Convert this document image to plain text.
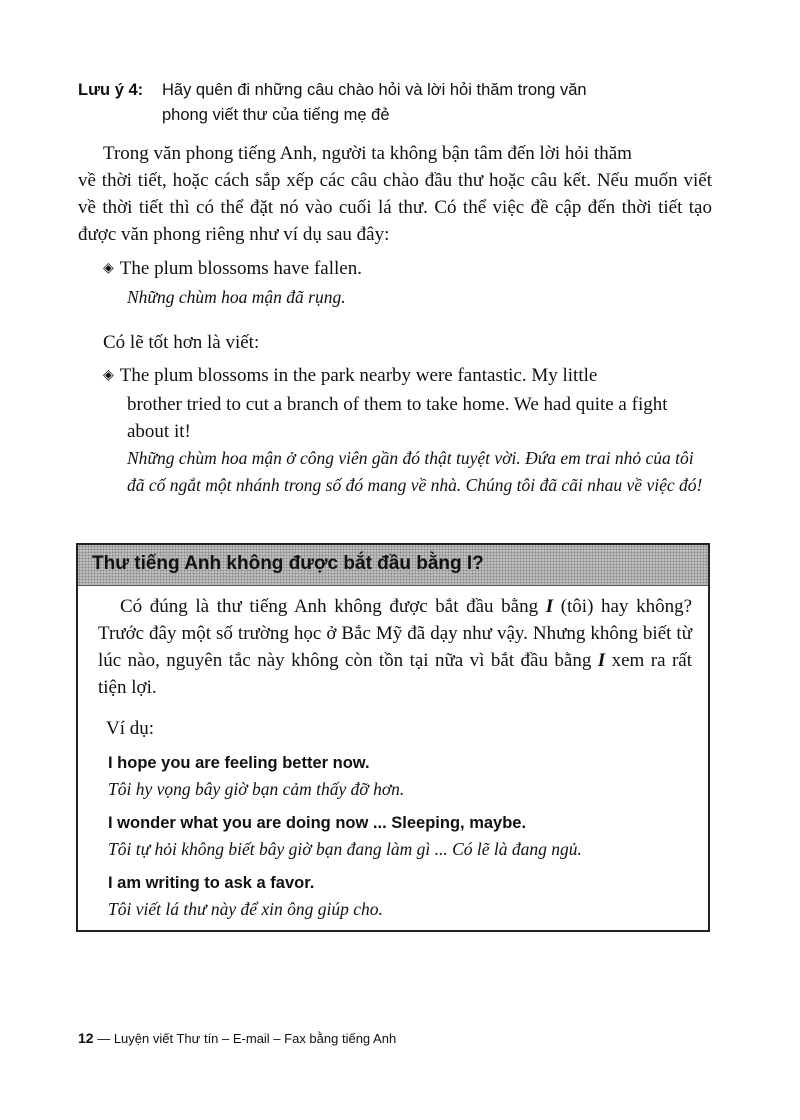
Lưu ý 4: Hãy quên đi những câu chào hỏi và lời hỏi thăm trong văn
phong viết thư của tiếng mẹ đẻ
Trong văn phong tiếng Anh, người ta không bận tâm đến lời hỏi thăm
về thời tiết, hoặc cách sắp xếp các câu chào đầu thư hoặc câu kết. Nếu muốn viết về thời tiết thì có thể đặt nó vào cuối lá thư. Có thể việc đề cập đến thời tiết tạo được văn phong riêng như ví dụ sau đây:
◈ The plum blossoms have fallen.
Những chùm hoa mận đã rụng.
Có lẽ tốt hơn là viết:
◈ The plum blossoms in the park nearby were fantastic. My little
brother tried to cut a branch of them to take home. We had quite a fight about it!
Những chùm hoa mận ở công viên gần đó thật tuyệt vời. Đứa em trai nhỏ của tôi đã cố ngắt một nhánh trong số đó mang về nhà. Chúng tôi đã cãi nhau về việc đó!
Thư tiếng Anh không được bắt đầu bằng I?
Có đúng là thư tiếng Anh không được bắt đầu bằng I (tôi) hay không? Trước đây một số trường học ở Bắc Mỹ đã dạy như vậy. Nhưng không biết từ lúc nào, nguyên tắc này không còn tồn tại nữa vì bắt đầu bằng I xem ra rất tiện lợi.
Ví dụ:
I hope you are feeling better now.
Tôi hy vọng bây giờ bạn cảm thấy đỡ hơn.
I wonder what you are doing now ... Sleeping, maybe.
Tôi tự hỏi không biết bây giờ bạn đang làm gì ... Có lẽ là đang ngủ.
I am writing to ask a favor.
Tôi viết lá thư này để xin ông giúp cho.
12 — Luyện viết Thư tín – E-mail – Fax bằng tiếng Anh
